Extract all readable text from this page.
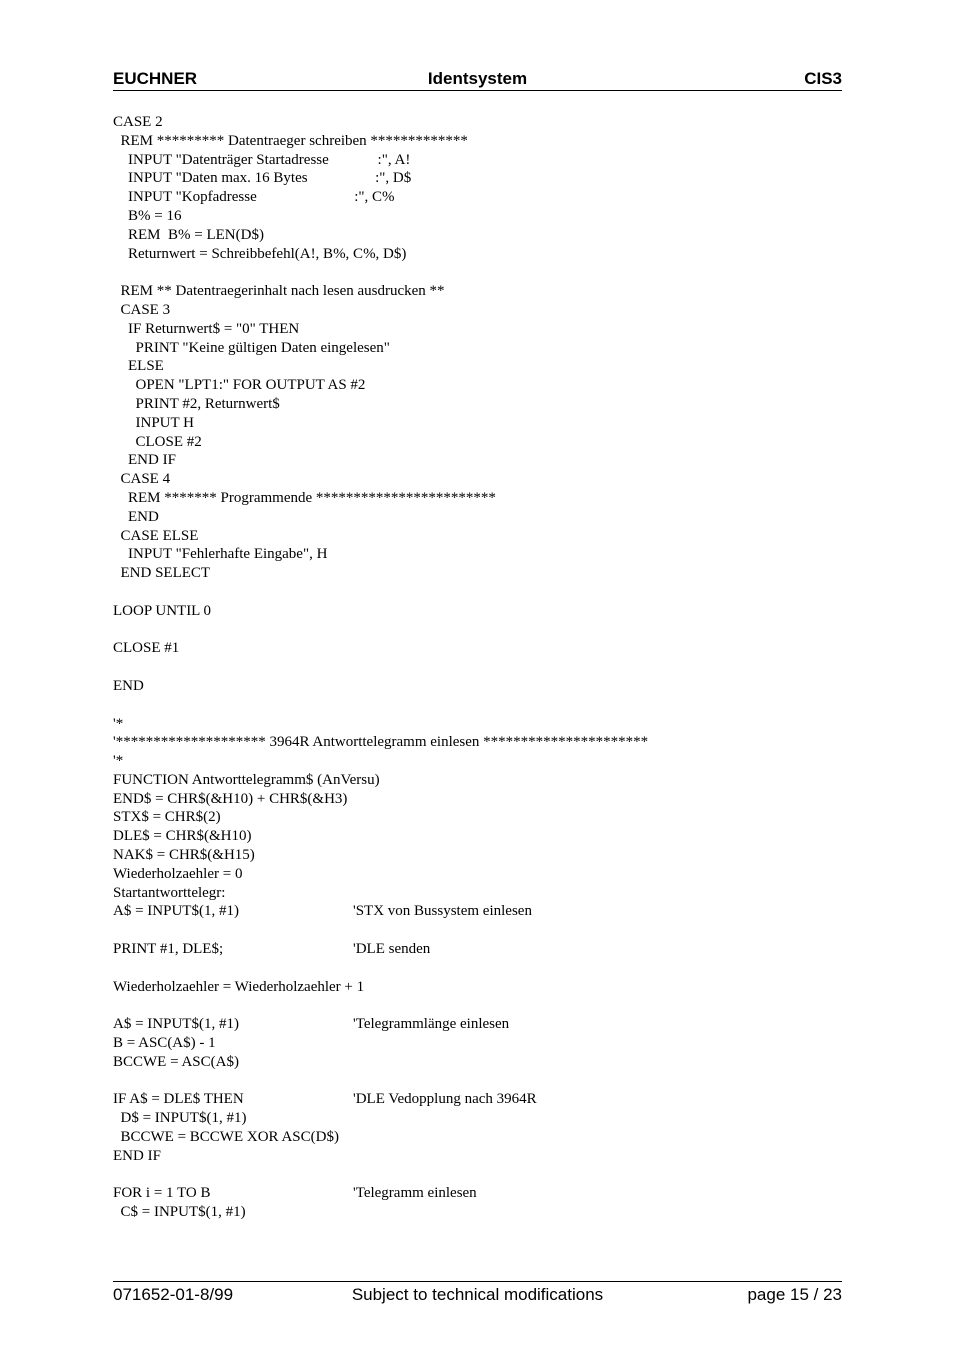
EUCHNER	Identsystem	CIS3
CASE 2
REM ********* Datentraeger schreiben *************
INPUT "Datenträger Startadresse             :", A!
INPUT "Daten max. 16 Bytes                  :", D$
INPUT "Kopfadresse                          :", C%
B% = 16
REM  B% = LEN(D$)
Returnwert = Schreibbefehl(A!, B%, C%, D$)
REM ** Datentraegerinhalt nach lesen ausdrucken **
CASE 3
IF Returnwert$ = "0" THEN
PRINT "Keine gültigen Daten eingelesen"
ELSE
OPEN "LPT1:" FOR OUTPUT AS #2
PRINT #2, Returnwert$
INPUT H
CLOSE #2
END IF
CASE 4
REM ******* Programmende ************************
END
CASE ELSE
INPUT "Fehlerhafte Eingabe", H
END SELECT
LOOP UNTIL 0
CLOSE #1
END
'*
'******************** 3964R Antworttelegramm einlesen **********************
'*
FUNCTION Antworttelegramm$ (AnVersu)
END$ = CHR$(&H10) + CHR$(&H3)
STX$ = CHR$(2)
DLE$ = CHR$(&H10)
NAK$ = CHR$(&H15)
Wiederholzaehler = 0
Startantworttelegr:
A$ = INPUT$(1, #1)	'STX von Bussystem einlesen
PRINT #1, DLE$;	'DLE senden
Wiederholzaehler = Wiederholzaehler + 1
A$ = INPUT$(1, #1)	'Telegrammlänge einlesen
B = ASC(A$) - 1
BCCWE = ASC(A$)
IF A$ = DLE$ THEN	'DLE Vedopplung nach 3964R
D$ = INPUT$(1, #1)
BCCWE = BCCWE XOR ASC(D$)
END IF
FOR i = 1 TO B	'Telegramm einlesen
C$ = INPUT$(1, #1)
071652-01-8/99	Subject to technical modifications	page 15 / 23
